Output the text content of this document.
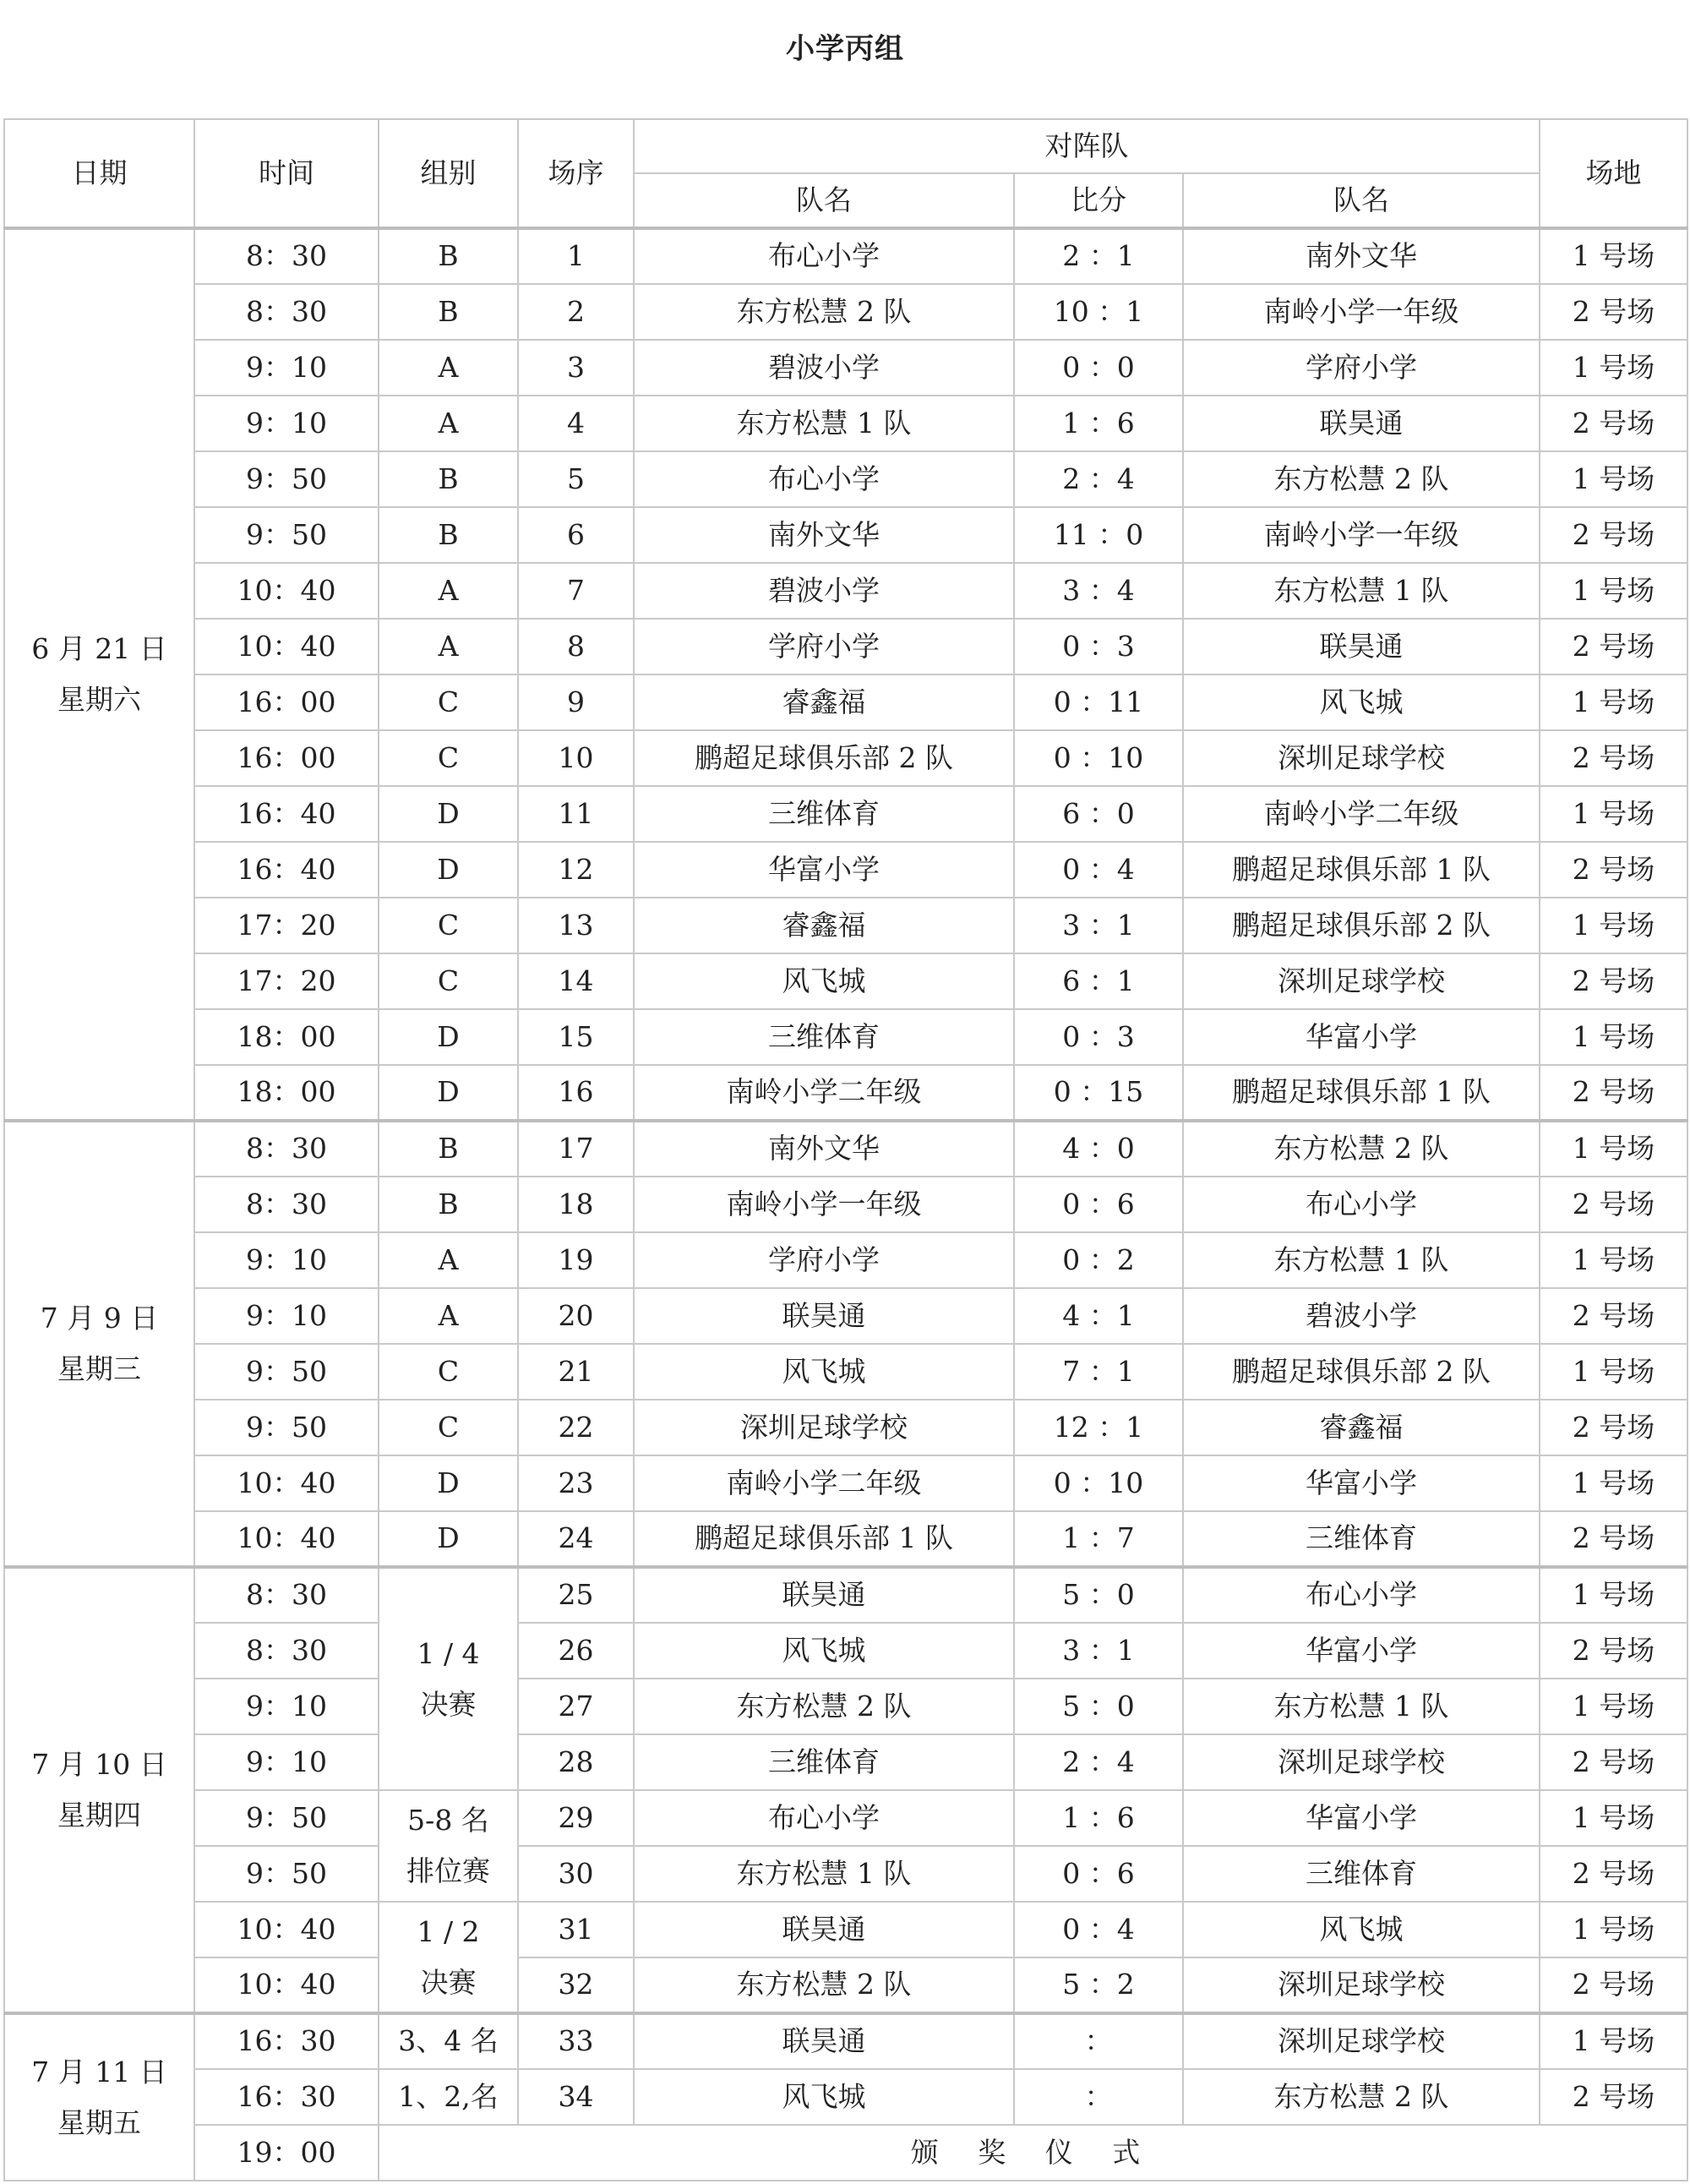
小学丙组
日期	时间	组别	场序	对阵队			场地
				队名	比分	队名	

6 月 21 日
星期六	8：30	B	1	布心小学	2 ：1	南外文华	1 号场
	8：30	B	2	东方松慧 2 队	10 ：1	南岭小学一年级	2 号场
	9：10	A	3	碧波小学	0 ：0	学府小学	1 号场
	9：10	A	4	东方松慧 1 队	1 ：6	联昊通	2 号场
	9：50	B	5	布心小学	2 ：4	东方松慧 2 队	1 号场
	9：50	B	6	南外文华	11 ：0	南岭小学一年级	2 号场
	10：40	A	7	碧波小学	3 ：4	东方松慧 1 队	1 号场
	10：40	A	8	学府小学	0 ：3	联昊通	2 号场
	16：00	C	9	睿鑫福	0 ：11	风飞城	1 号场
	16：00	C	10	鹏超足球俱乐部 2 队	0 ：10	深圳足球学校	2 号场
	16：40	D	11	三维体育	6 ：0	南岭小学二年级	1 号场
	16：40	D	12	华富小学	0 ：4	鹏超足球俱乐部 1 队	2 号场
	17：20	C	13	睿鑫福	3 ：1	鹏超足球俱乐部 2 队	1 号场
	17：20	C	14	风飞城	6 ：1	深圳足球学校	2 号场
	18：00	D	15	三维体育	0 ：3	华富小学	1 号场
	18：00	D	16	南岭小学二年级	0 ：15	鹏超足球俱乐部 1 队	2 号场

7 月 9 日
星期三	8：30	B	17	南外文华	4 ：0	东方松慧 2 队	1 号场
	8：30	B	18	南岭小学一年级	0 ：6	布心小学	2 号场
	9：10	A	19	学府小学	0 ：2	东方松慧 1 队	1 号场
	9：10	A	20	联昊通	4 ：1	碧波小学	2 号场
	9：50	C	21	风飞城	7 ：1	鹏超足球俱乐部 2 队	1 号场
	9：50	C	22	深圳足球学校	12 ：1	睿鑫福	2 号场
	10：40	D	23	南岭小学二年级	0 ：10	华富小学	1 号场
	10：40	D	24	鹏超足球俱乐部 1 队	1 ：7	三维体育	2 号场

7 月 10 日
星期四	8：30	1 / 4
决赛	25	联昊通	5 ：0	布心小学	1 号场
	8：30		26	风飞城	3 ：1	华富小学	2 号场
	9：10		27	东方松慧 2 队	5 ：0	东方松慧 1 队	1 号场
	9：10		28	三维体育	2 ：4	深圳足球学校	2 号场
	9：50	5-8 名
排位赛	29	布心小学	1 ：6	华富小学	1 号场
	9：50		30	东方松慧 1 队	0 ：6	三维体育	2 号场
	10：40	1 / 2
决赛	31	联昊通	0 ：4	风飞城	1 号场
	10：40		32	东方松慧 2 队	5 ：2	深圳足球学校	2 号场

7 月 11 日
星期五	16：30	3、4 名	33	联昊通	：	深圳足球学校	1 号场
	16：30	1、2,名	34	风飞城	：	东方松慧 2 队	2 号场
	19：00	颁 奖 仪 式					
